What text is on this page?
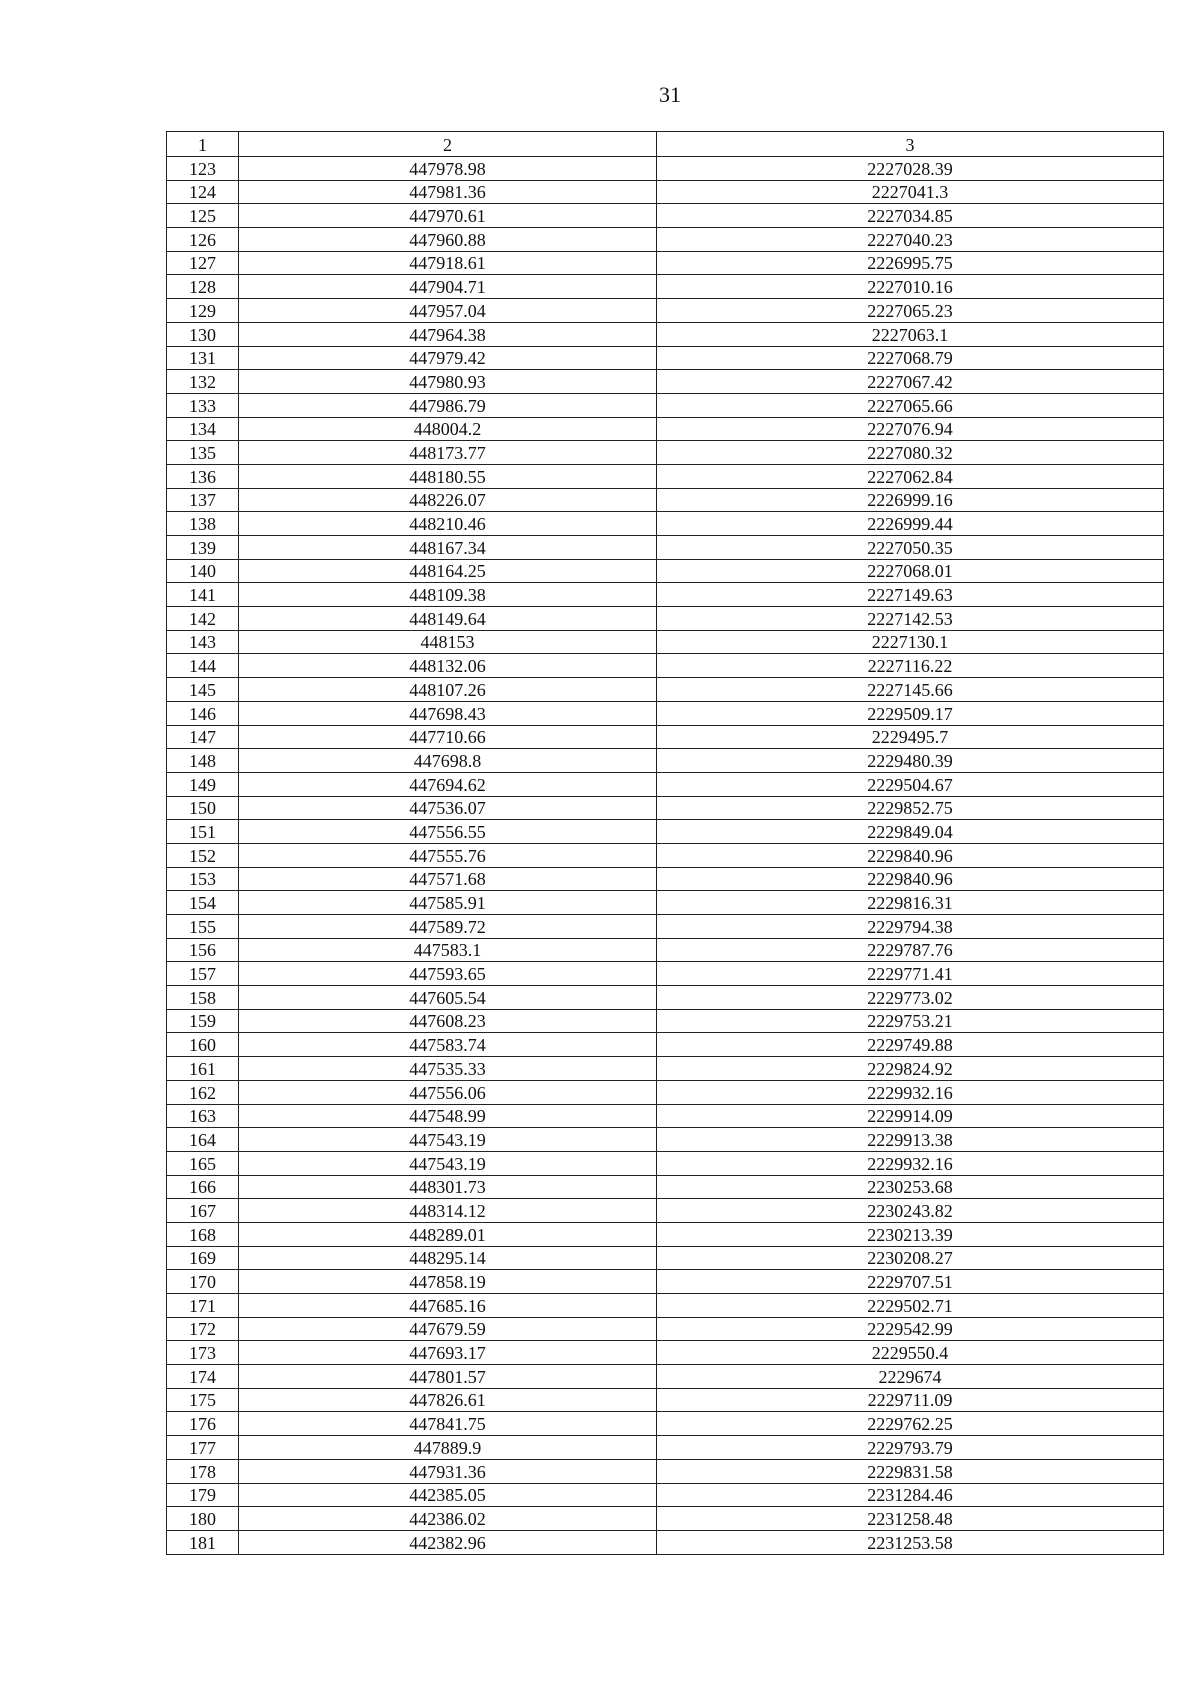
31
1	2	3
123	447978.98	2227028.39
124	447981.36	2227041.3
125	447970.61	2227034.85
126	447960.88	2227040.23
127	447918.61	2226995.75
128	447904.71	2227010.16
129	447957.04	2227065.23
130	447964.38	2227063.1
131	447979.42	2227068.79
132	447980.93	2227067.42
133	447986.79	2227065.66
134	448004.2	2227076.94
135	448173.77	2227080.32
136	448180.55	2227062.84
137	448226.07	2226999.16
138	448210.46	2226999.44
139	448167.34	2227050.35
140	448164.25	2227068.01
141	448109.38	2227149.63
142	448149.64	2227142.53
143	448153	2227130.1
144	448132.06	2227116.22
145	448107.26	2227145.66
146	447698.43	2229509.17
147	447710.66	2229495.7
148	447698.8	2229480.39
149	447694.62	2229504.67
150	447536.07	2229852.75
151	447556.55	2229849.04
152	447555.76	2229840.96
153	447571.68	2229840.96
154	447585.91	2229816.31
155	447589.72	2229794.38
156	447583.1	2229787.76
157	447593.65	2229771.41
158	447605.54	2229773.02
159	447608.23	2229753.21
160	447583.74	2229749.88
161	447535.33	2229824.92
162	447556.06	2229932.16
163	447548.99	2229914.09
164	447543.19	2229913.38
165	447543.19	2229932.16
166	448301.73	2230253.68
167	448314.12	2230243.82
168	448289.01	2230213.39
169	448295.14	2230208.27
170	447858.19	2229707.51
171	447685.16	2229502.71
172	447679.59	2229542.99
173	447693.17	2229550.4
174	447801.57	2229674
175	447826.61	2229711.09
176	447841.75	2229762.25
177	447889.9	2229793.79
178	447931.36	2229831.58
179	442385.05	2231284.46
180	442386.02	2231258.48
181	442382.96	2231253.58
